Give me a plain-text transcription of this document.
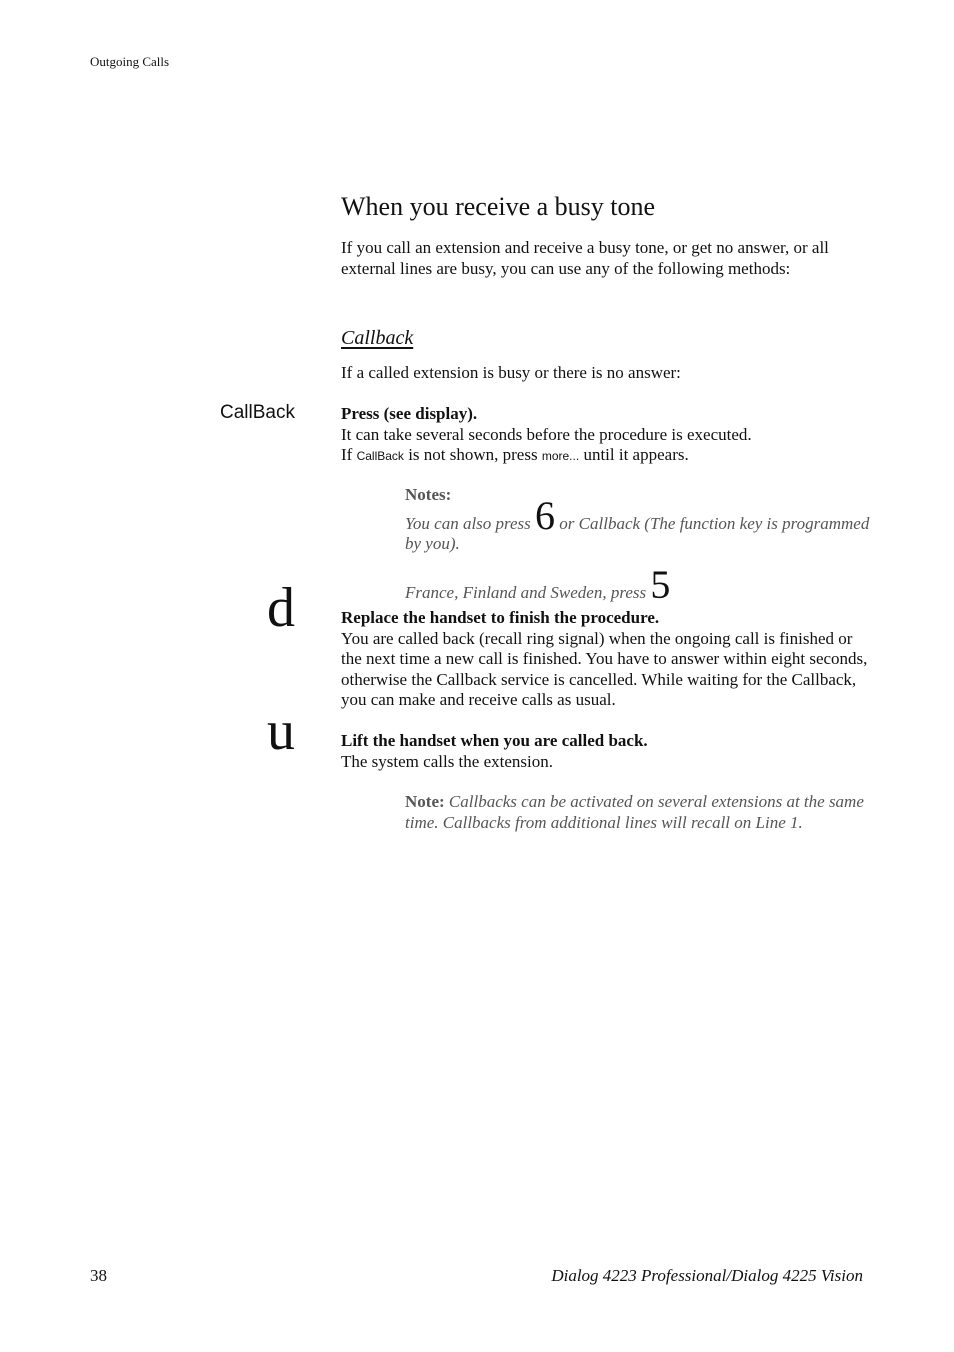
Outgoing Calls
When you receive a busy tone
If you call an extension and receive a busy tone, or get no answer, or all external lines are busy, you can use any of the following methods:
Callback
If a called extension is busy or there is no answer:
CallBack	Press (see display).
It can take several seconds before the procedure is executed.
If CallBack is not shown, press more... until it appears.
Notes:
You can also press 6 or Callback (The function key is programmed by you).
France, Finland and Sweden, press 5
d	Replace the handset to finish the procedure.
You are called back (recall ring signal) when the ongoing call is finished or the next time a new call is finished. You have to answer within eight seconds, otherwise the Callback service is cancelled. While waiting for the Callback, you can make and receive calls as usual.
u	Lift the handset when you are called back.
The system calls the extension.
Note: Callbacks can be activated on several extensions at the same time. Callbacks from additional lines will recall on Line 1.
38	Dialog 4223 Professional/Dialog 4225 Vision
